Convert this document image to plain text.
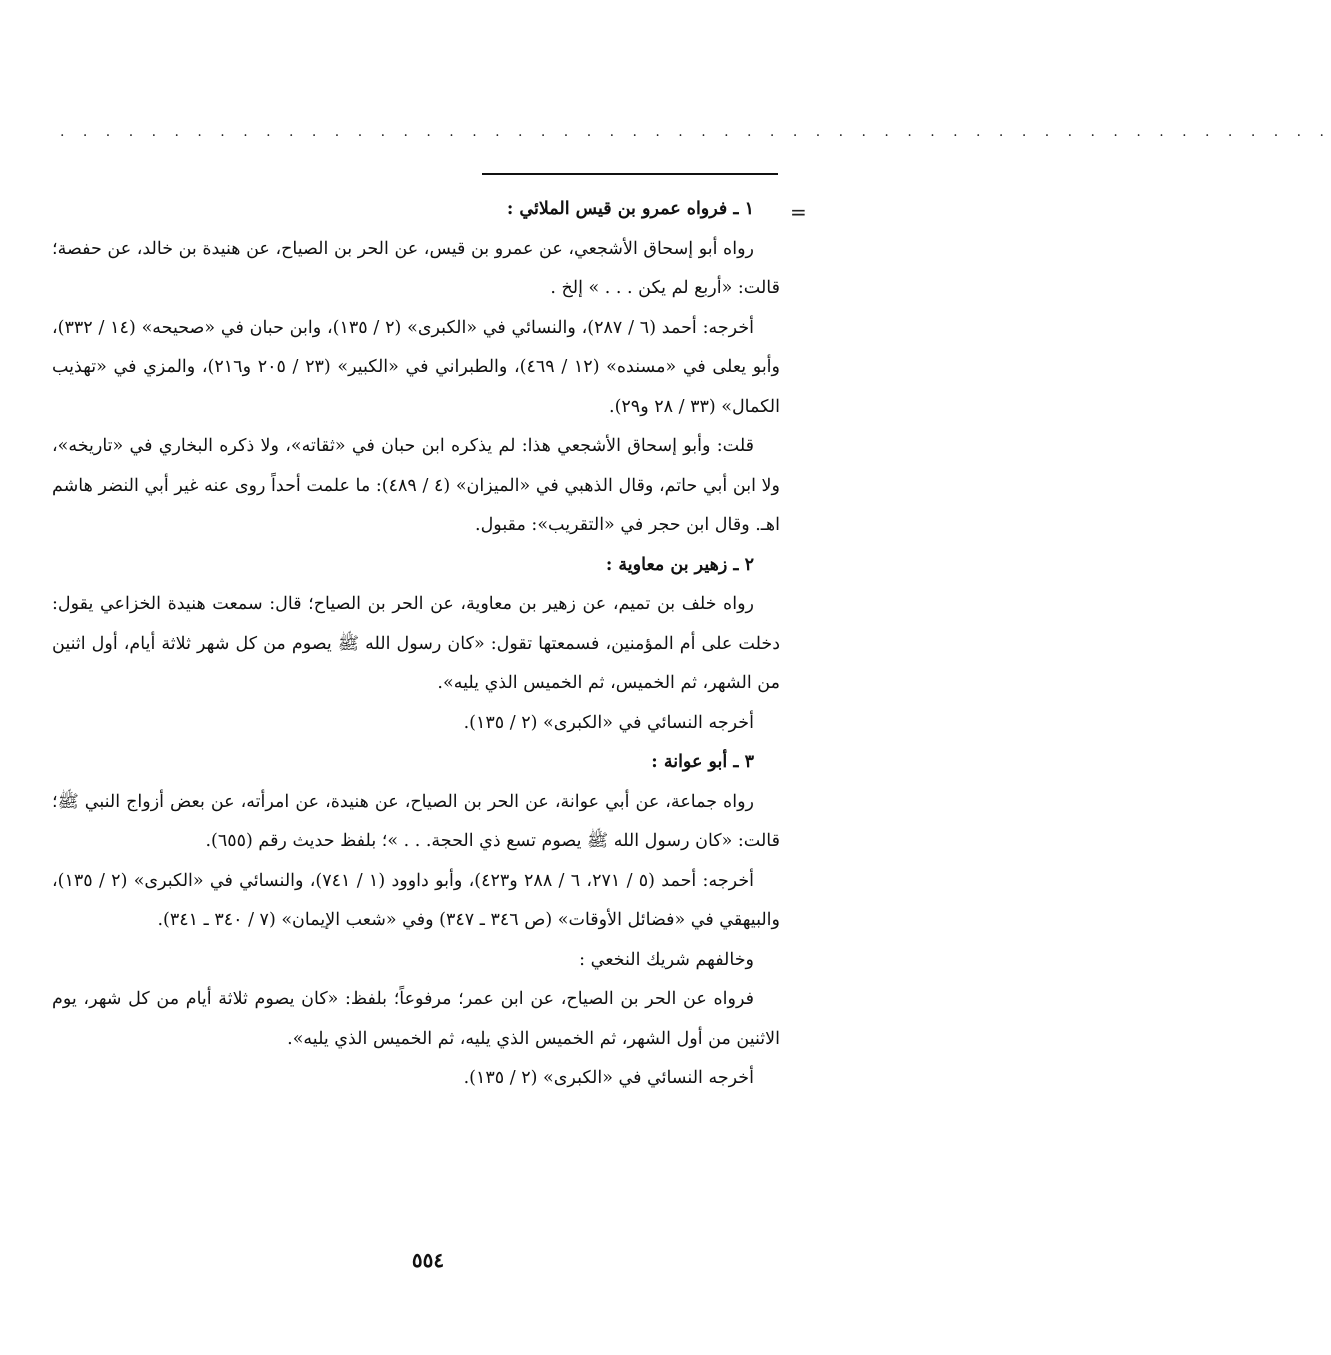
. . . . . . . . . . . . . . . . . . . . . . . . . . . . . . . . . . . . . . . . . . . . . . . . . . . . . . . .
=

١ ـ فرواه عمرو بن قيس الملائي :

رواه أبو إسحاق الأشجعي، عن عمرو بن قيس، عن الحر بن الصياح، عن هنيدة بن خالد، عن حفصة؛ قالت: «أربع لم يكن . . . » إلخ .

أخرجه: أحمد (٦ / ٢٨٧)، والنسائي في «الكبرى» (٢ / ١٣٥)، وابن حبان في «صحيحه» (١٤ / ٣٣٢)، وأبو يعلى في «مسنده» (١٢ / ٤٦٩)، والطبراني في «الكبير» (٢٣ / ٢٠٥ و٢١٦)، والمزي في «تهذيب الكمال» (٣٣ / ٢٨ و٢٩).

قلت: وأبو إسحاق الأشجعي هذا: لم يذكره ابن حبان في «ثقاته»، ولا ذكره البخاري في «تاريخه»، ولا ابن أبي حاتم، وقال الذهبي في «الميزان» (٤ / ٤٨٩): ما علمت أحداً روى عنه غير أبي النضر هاشم اهـ. وقال ابن حجر في «التقريب»: مقبول.

٢ ـ زهير بن معاوية :

رواه خلف بن تميم، عن زهير بن معاوية، عن الحر بن الصياح؛ قال: سمعت هنيدة الخزاعي يقول: دخلت على أم المؤمنين، فسمعتها تقول: «كان رسول الله ﷺ يصوم من كل شهر ثلاثة أيام، أول اثنين من الشهر، ثم الخميس، ثم الخميس الذي يليه».

أخرجه النسائي في «الكبرى» (٢ / ١٣٥).

٣ ـ أبو عوانة :

رواه جماعة، عن أبي عوانة، عن الحر بن الصياح، عن هنيدة، عن امرأته، عن بعض أزواج النبي ﷺ؛ قالت: «كان رسول الله ﷺ يصوم تسع ذي الحجة. . . »؛ بلفظ حديث رقم (٦٥٥).

أخرجه: أحمد (٥ / ٢٧١، ٦ / ٢٨٨ و٤٢٣)، وأبو داوود (١ / ٧٤١)، والنسائي في «الكبرى» (٢ / ١٣٥)، والبيهقي في «فضائل الأوقات» (ص ٣٤٦ ـ ٣٤٧) وفي «شعب الإيمان» (٧ / ٣٤٠ ـ ٣٤١).

وخالفهم شريك النخعي :

فرواه عن الحر بن الصياح، عن ابن عمر؛ مرفوعاً؛ بلفظ: «كان يصوم ثلاثة أيام من كل شهر، يوم الاثنين من أول الشهر، ثم الخميس الذي يليه، ثم الخميس الذي يليه».

أخرجه النسائي في «الكبرى» (٢ / ١٣٥).

٥٥٤
